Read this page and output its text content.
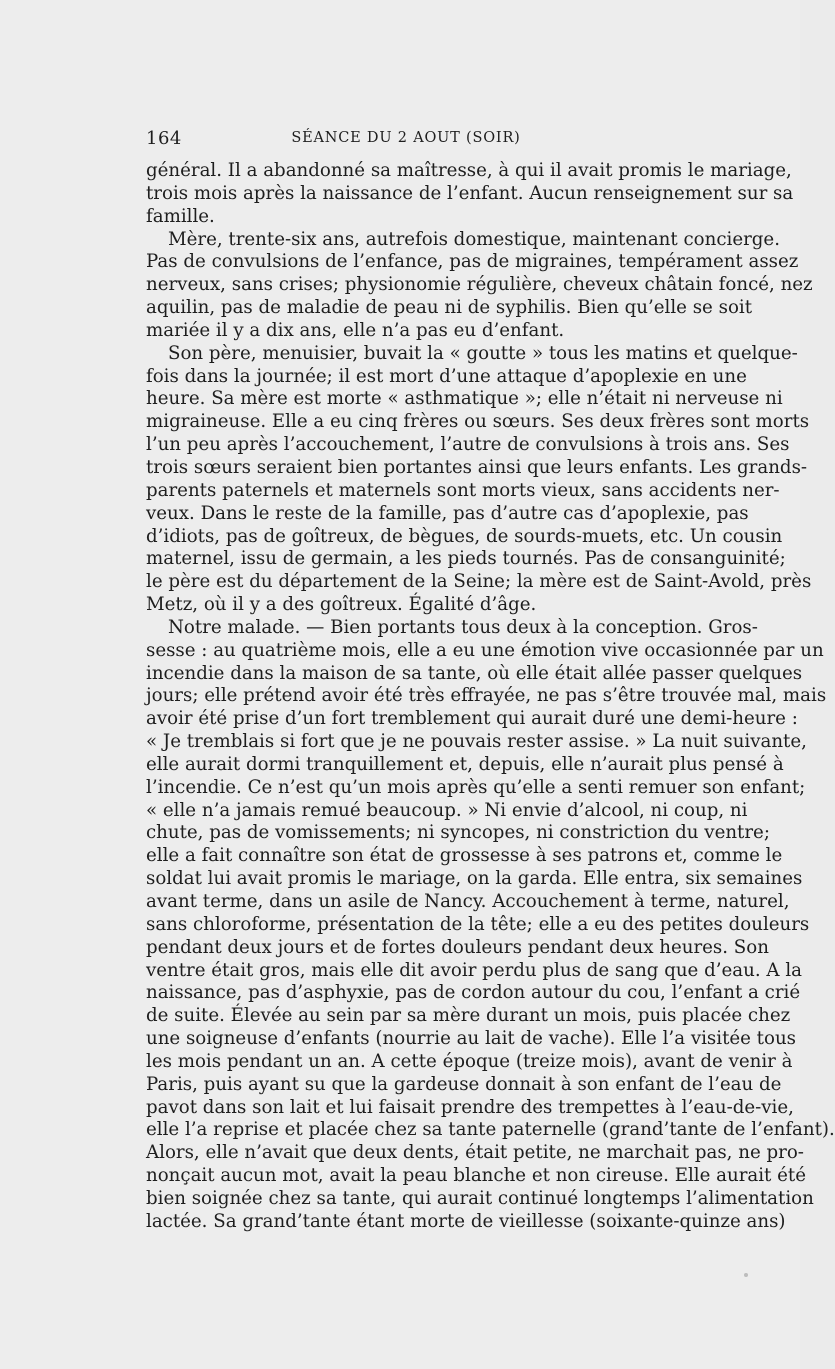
164	SÉANCE DU 2 AOUT (SOIR)
général. Il a abandonné sa maîtresse, à qui il avait promis le mariage,
trois mois après la naissance de l’enfant. Aucun renseignement sur sa
famille.
Mère, trente-six ans, autrefois domestique, maintenant concierge.
Pas de convulsions de l’enfance, pas de migraines, tempérament assez
nerveux, sans crises; physionomie régulière, cheveux châtain foncé, nez
aquilin, pas de maladie de peau ni de syphilis. Bien qu’elle se soit
mariée il y a dix ans, elle n’a pas eu d’enfant.
Son père, menuisier, buvait la « goutte » tous les matins et quelque-
fois dans la journée; il est mort d’une attaque d’apoplexie en une
heure. Sa mère est morte « asthmatique »; elle n’était ni nerveuse ni
migraineuse. Elle a eu cinq frères ou sœurs. Ses deux frères sont morts
l’un peu après l’accouchement, l’autre de convulsions à trois ans. Ses
trois sœurs seraient bien portantes ainsi que leurs enfants. Les grands-
parents paternels et maternels sont morts vieux, sans accidents ner-
veux. Dans le reste de la famille, pas d’autre cas d’apoplexie, pas
d’idiots, pas de goîtreux, de bègues, de sourds-muets, etc. Un cousin
maternel, issu de germain, a les pieds tournés. Pas de consanguinité;
le père est du département de la Seine; la mère est de Saint-Avold, près
Metz, où il y a des goîtreux. Égalité d’âge.
Notre malade. — Bien portants tous deux à la conception. Gros-
sesse : au quatrième mois, elle a eu une émotion vive occasionnée par un
incendie dans la maison de sa tante, où elle était allée passer quelques
jours; elle prétend avoir été très effrayée, ne pas s’être trouvée mal, mais
avoir été prise d’un fort tremblement qui aurait duré une demi-heure :
« Je tremblais si fort que je ne pouvais rester assise. » La nuit suivante,
elle aurait dormi tranquillement et, depuis, elle n’aurait plus pensé à
l’incendie. Ce n’est qu’un mois après qu’elle a senti remuer son enfant;
« elle n’a jamais remué beaucoup. » Ni envie d’alcool, ni coup, ni
chute, pas de vomissements; ni syncopes, ni constriction du ventre;
elle a fait connaître son état de grossesse à ses patrons et, comme le
soldat lui avait promis le mariage, on la garda. Elle entra, six semaines
avant terme, dans un asile de Nancy. Accouchement à terme, naturel,
sans chloroforme, présentation de la tête; elle a eu des petites douleurs
pendant deux jours et de fortes douleurs pendant deux heures. Son
ventre était gros, mais elle dit avoir perdu plus de sang que d’eau. A la
naissance, pas d’asphyxie, pas de cordon autour du cou, l’enfant a crié
de suite. Élevée au sein par sa mère durant un mois, puis placée chez
une soigneuse d’enfants (nourrie au lait de vache). Elle l’a visitée tous
les mois pendant un an. A cette époque (treize mois), avant de venir à
Paris, puis ayant su que la gardeuse donnait à son enfant de l’eau de
pavot dans son lait et lui faisait prendre des trempettes à l’eau-de-vie,
elle l’a reprise et placée chez sa tante paternelle (grand’tante de l’enfant).
Alors, elle n’avait que deux dents, était petite, ne marchait pas, ne pro-
nonçait aucun mot, avait la peau blanche et non cireuse. Elle aurait été
bien soignée chez sa tante, qui aurait continué longtemps l’alimentation
lactée. Sa grand’tante étant morte de vieillesse (soixante-quinze ans)
